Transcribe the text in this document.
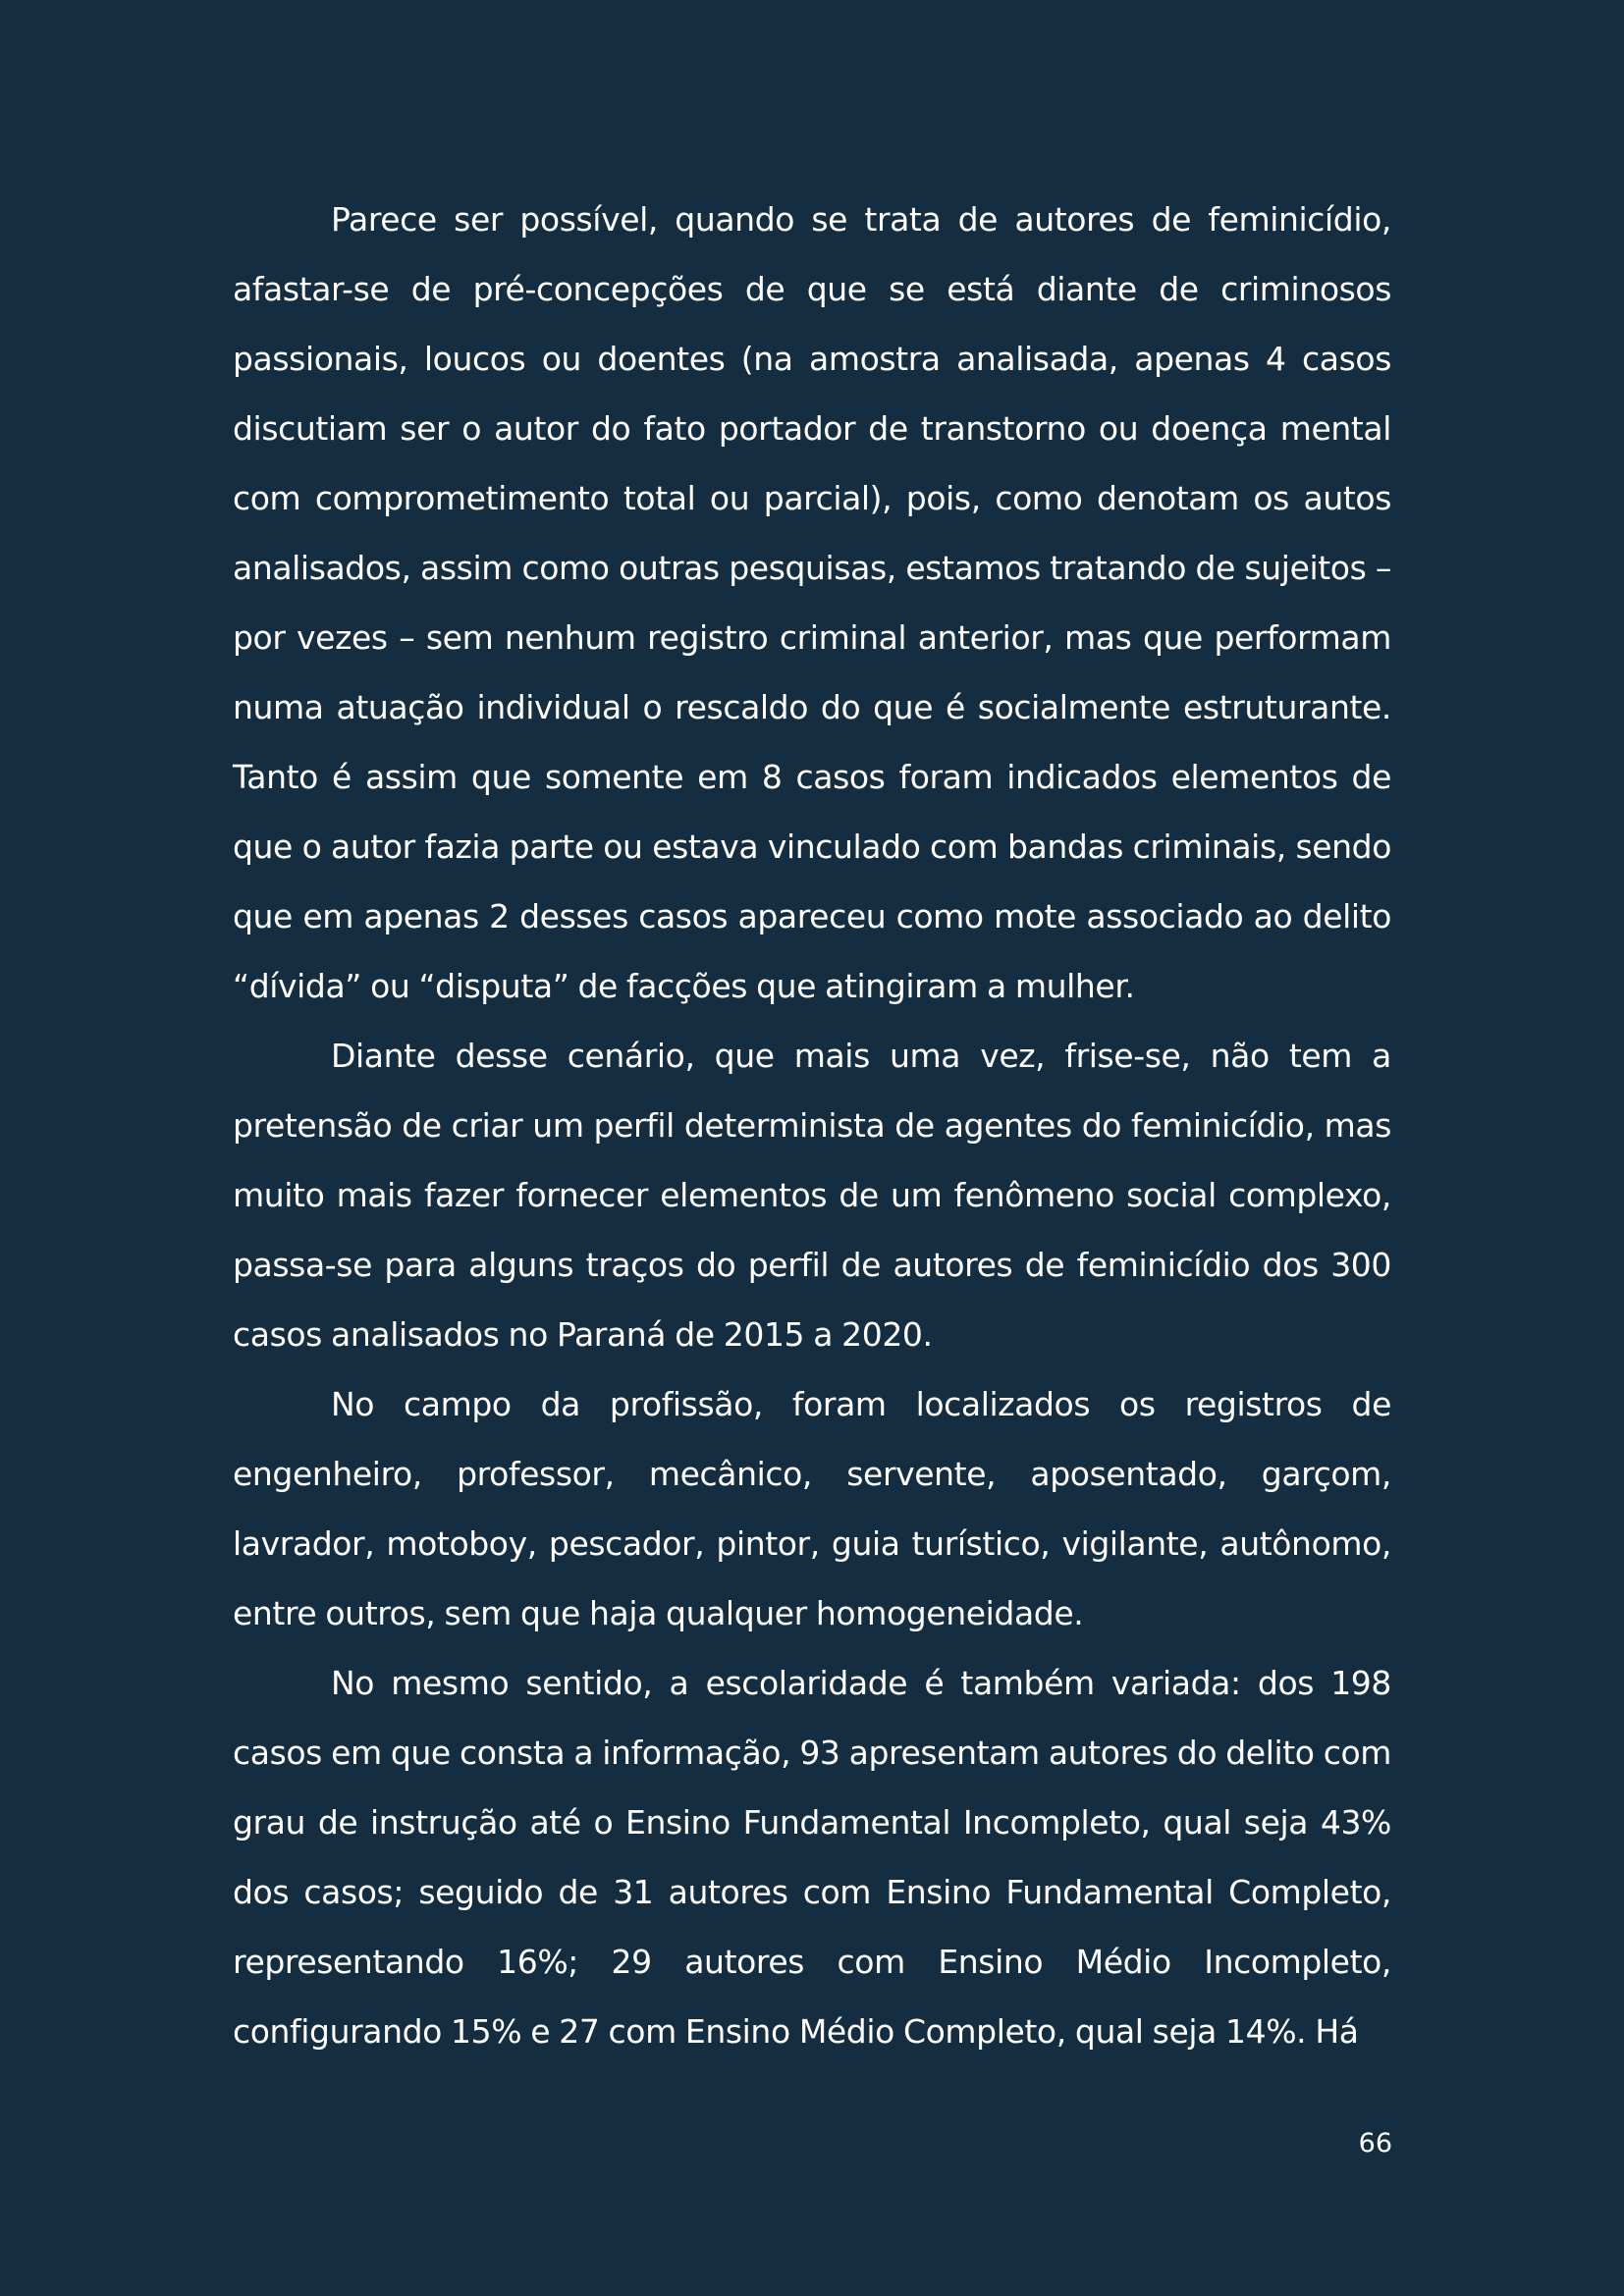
Parece ser possível, quando se trata de autores de feminicídio, afastar-se de pré-concepções de que se está diante de criminosos passionais, loucos ou doentes (na amostra analisada, apenas 4 casos discutiam ser o autor do fato portador de transtorno ou doença mental com comprometimento total ou parcial), pois, como denotam os autos analisados, assim como outras pesquisas, estamos tratando de sujeitos – por vezes – sem nenhum registro criminal anterior, mas que performam numa atuação individual o rescaldo do que é socialmente estruturante. Tanto é assim que somente em 8 casos foram indicados elementos de que o autor fazia parte ou estava vinculado com bandas criminais, sendo que em apenas 2 desses casos apareceu como mote associado ao delito “dívida” ou “disputa” de facções que atingiram a mulher.

Diante desse cenário, que mais uma vez, frise-se, não tem a pretensão de criar um perfil determinista de agentes do feminicídio, mas muito mais fazer fornecer elementos de um fenômeno social complexo, passa-se para alguns traços do perfil de autores de feminicídio dos 300 casos analisados no Paraná de 2015 a 2020.

No campo da profissão, foram localizados os registros de engenheiro, professor, mecânico, servente, aposentado, garçom, lavrador, motoboy, pescador, pintor, guia turístico, vigilante, autônomo, entre outros, sem que haja qualquer homogeneidade.

No mesmo sentido, a escolaridade é também variada: dos 198 casos em que consta a informação, 93 apresentam autores do delito com grau de instrução até o Ensino Fundamental Incompleto, qual seja 43% dos casos; seguido de 31 autores com Ensino Fundamental Completo, representando 16%; 29 autores com Ensino Médio Incompleto, configurando 15% e 27 com Ensino Médio Completo, qual seja 14%. Há

66
